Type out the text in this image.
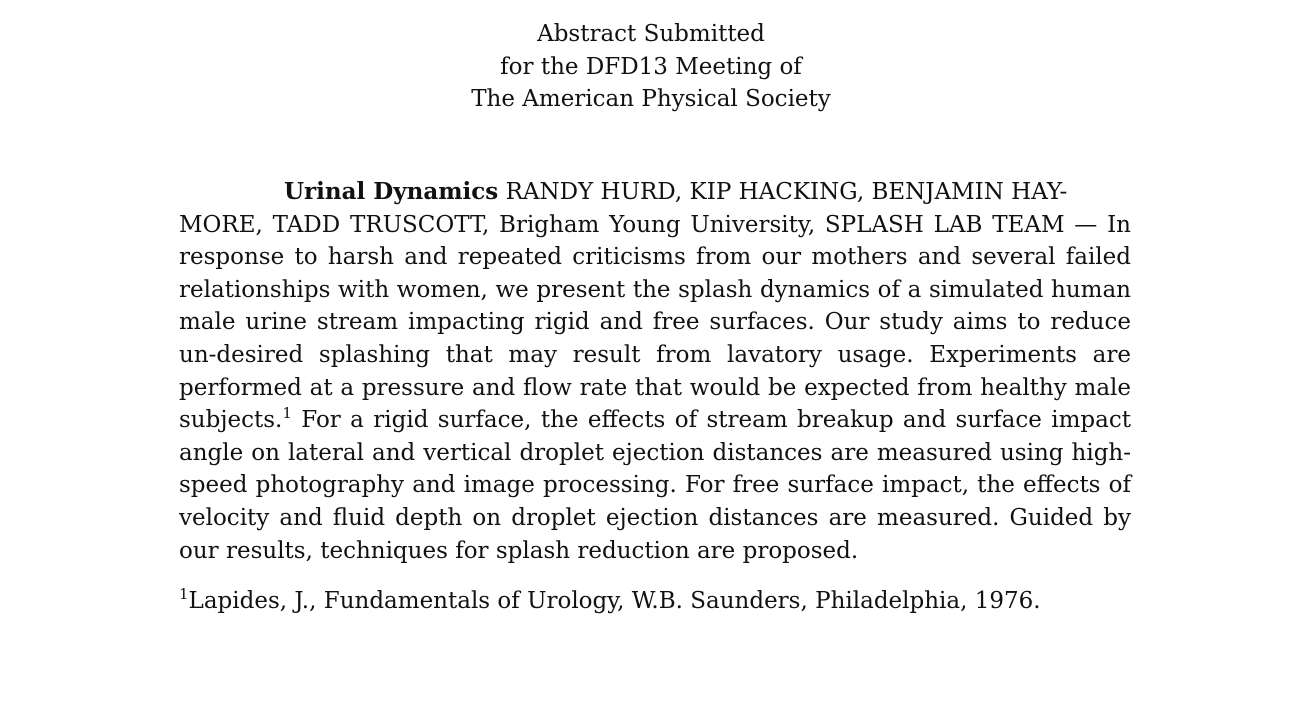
Abstract Submitted
for the DFD13 Meeting of
The American Physical Society
Urinal Dynamics RANDY HURD, KIP HACKING, BENJAMIN HAY-
MORE, TADD TRUSCOTT, Brigham Young University, SPLASH LAB TEAM — In response to harsh and repeated criticisms from our mothers and several failed relationships with women, we present the splash dynamics of a simulated human male urine stream impacting rigid and free surfaces. Our study aims to reduce un-desired splashing that may result from lavatory usage. Experiments are performed at a pressure and flow rate that would be expected from healthy male subjects.$^1$ For a rigid surface, the effects of stream breakup and surface impact angle on lateral and vertical droplet ejection distances are measured using high-speed photography and image processing. For free surface impact, the effects of velocity and fluid depth on droplet ejection distances are measured. Guided by our results, techniques for splash reduction are proposed.
$^1$Lapides, J., Fundamentals of Urology, W.B. Saunders, Philadelphia, 1976.
